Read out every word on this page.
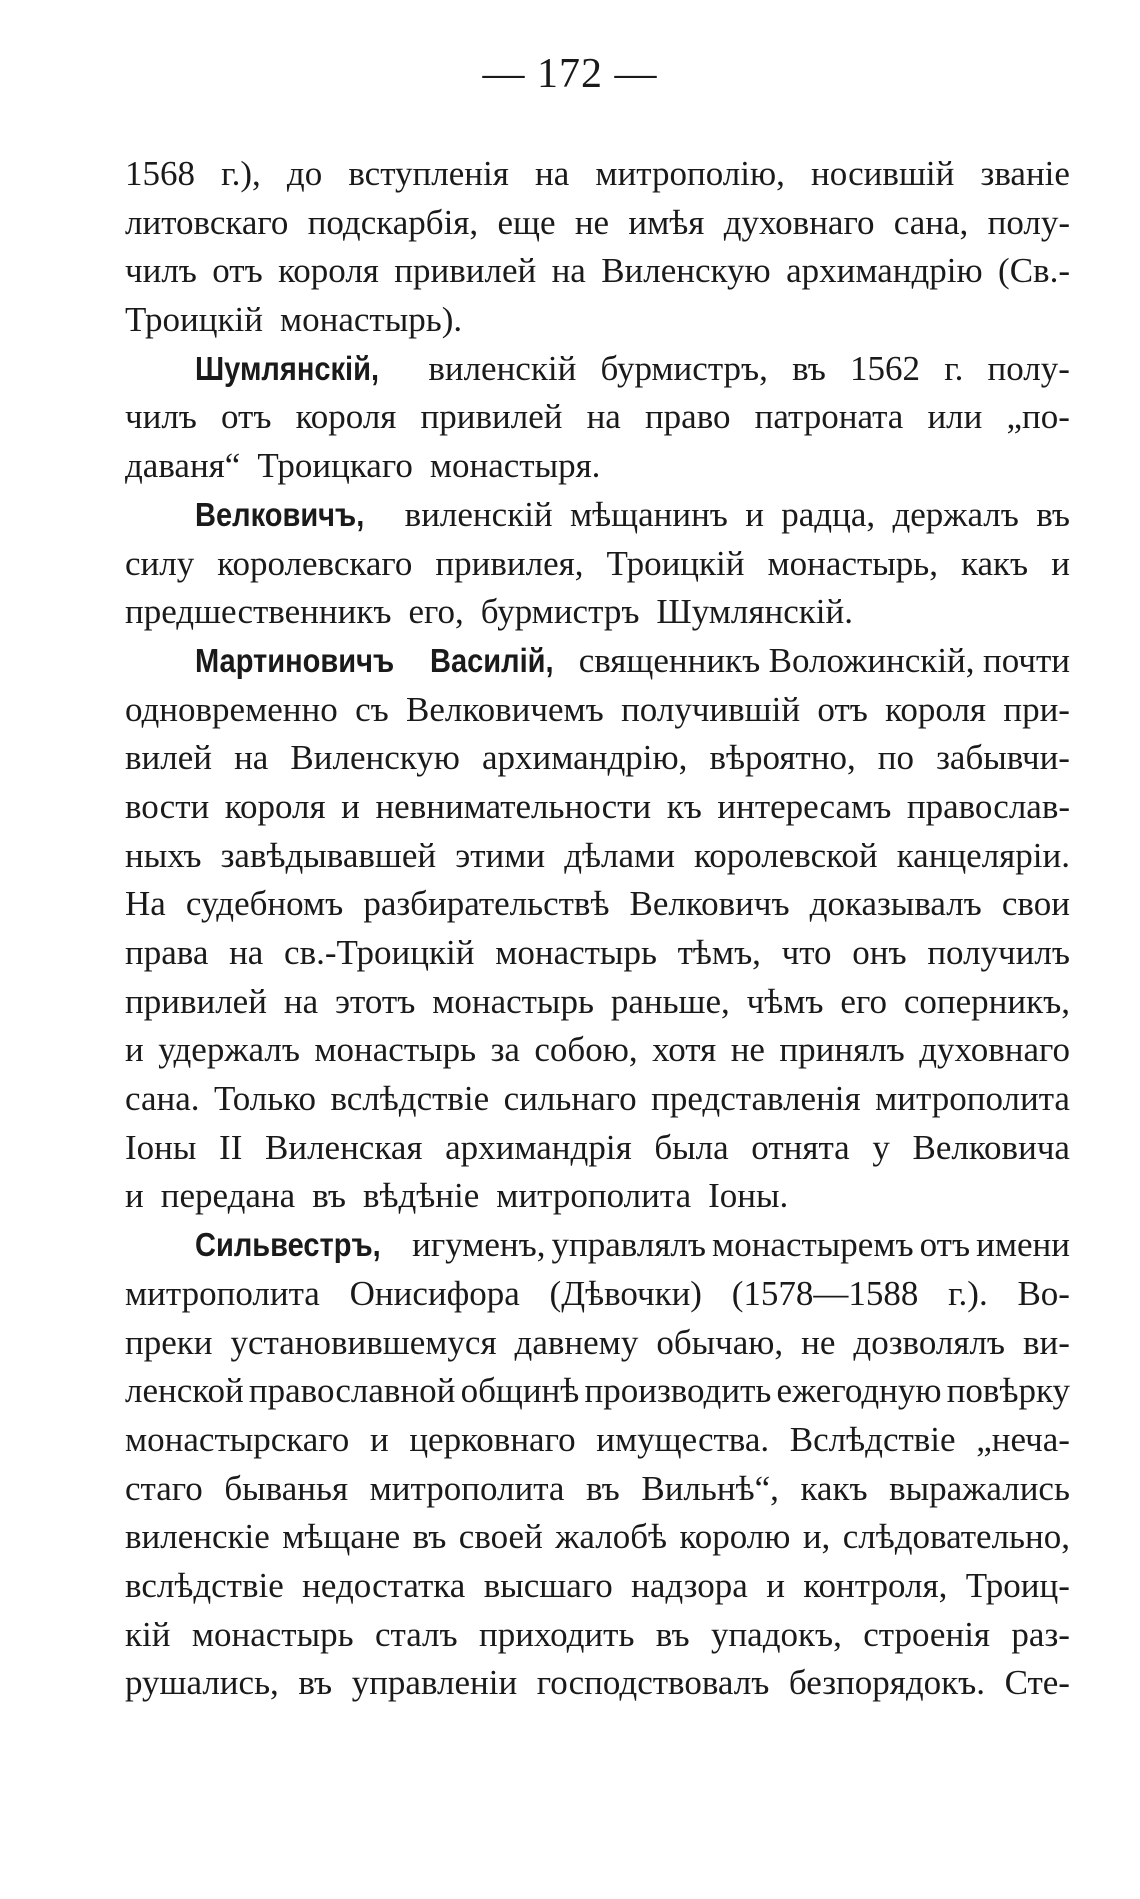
— 172 —
1568 г.), до вступленія на митрополію, носившій званіе
литовскаго подскарбія, еще не имѣя духовнаго сана, полу-
чилъ отъ короля привилей на Виленскую архимандрію (Св.-
Троицкій монастырь).
Шумлянскій, виленскій бурмистръ, въ 1562 г. полу-
чилъ отъ короля привилей на право патроната или „по-
даваня“ Троицкаго монастыря.
Велковичъ, виленскій мѣщанинъ и радца, держалъ въ
силу королевскаго привилея, Троицкій монастырь, какъ и
предшественникъ его, бурмистръ Шумлянскій.
Мартиновичъ Василій, священникъ Воложинскій, почти
одновременно съ Велковичемъ получившій отъ короля при-
вилей на Виленскую архимандрію, вѣроятно, по забывчи-
вости короля и невнимательности къ интересамъ православ-
ныхъ завѣдывавшей этими дѣлами королевской канцеляріи.
На судебномъ разбирательствѣ Велковичъ доказывалъ свои
права на св.-Троицкій монастырь тѣмъ, что онъ получилъ
привилей на этотъ монастырь раньше, чѣмъ его соперникъ,
и удержалъ монастырь за собою, хотя не принялъ духовнаго
сана. Только вслѣдствіе сильнаго представленія митрополита
Іоны II Виленская архимандрія была отнята у Велковича
и передана въ вѣдѣніе митрополита Іоны.
Сильвестръ, игуменъ, управлялъ монастыремъ отъ имени
митрополита Онисифора (Дѣвочки) (1578—1588 г.). Во-
преки установившемуся давнему обычаю, не дозволялъ ви-
ленской православной общинѣ производить ежегодную повѣрку
монастырскаго и церковнаго имущества. Вслѣдствіе „неча-
стаго быванья митрополита въ Вильнѣ“, какъ выражались
виленскіе мѣщане въ своей жалобѣ королю и, слѣдовательно,
вслѣдствіе недостатка высшаго надзора и контроля, Троиц-
кій монастырь сталъ приходить въ упадокъ, строенія раз-
рушались, въ управленіи господствовалъ безпорядокъ. Сте-
